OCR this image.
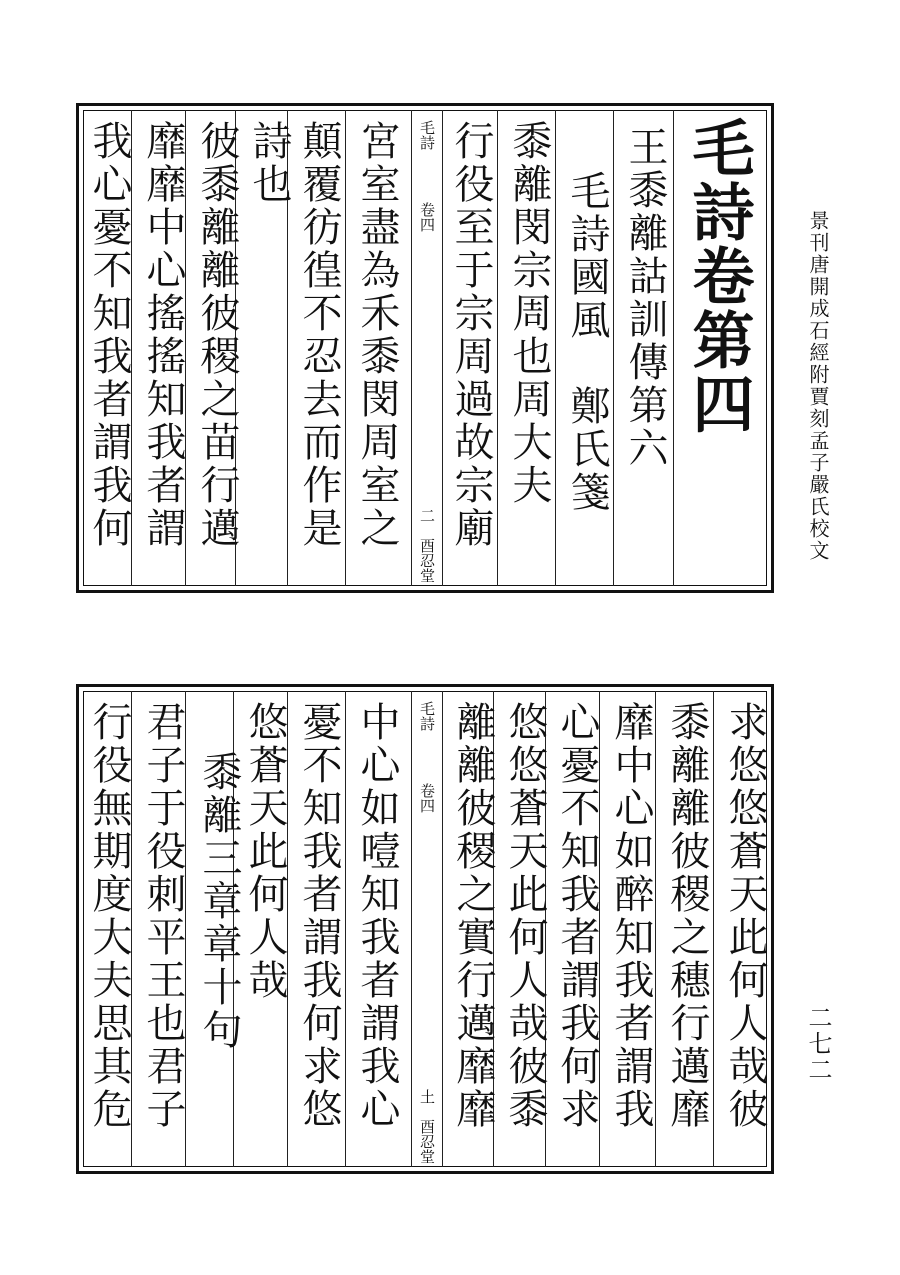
景刊唐開成石經附賈刻孟子嚴氏校文
二七二
毛詩卷第四
王黍離詁訓傳第六
毛詩國風　鄭氏箋
黍離閔宗周也周大夫
行役至于宗周過故宗廟
毛詩
卷四
二　酉忍堂
宮室盡為禾黍閔周室之
顛覆彷徨不忍去而作是
詩也
彼黍離離彼稷之苗行邁
靡靡中心搖搖知我者謂
我心憂不知我者謂我何
求悠悠蒼天此何人哉彼
黍離離彼稷之穗行邁靡
靡中心如醉知我者謂我
心憂不知我者謂我何求
悠悠蒼天此何人哉彼黍
離離彼稷之實行邁靡靡
毛詩
卷四
土　酉忍堂
中心如噎知我者謂我心
憂不知我者謂我何求悠
悠蒼天此何人哉
黍離三章章十句
君子于役刺平王也君子
行役無期度大夫思其危
